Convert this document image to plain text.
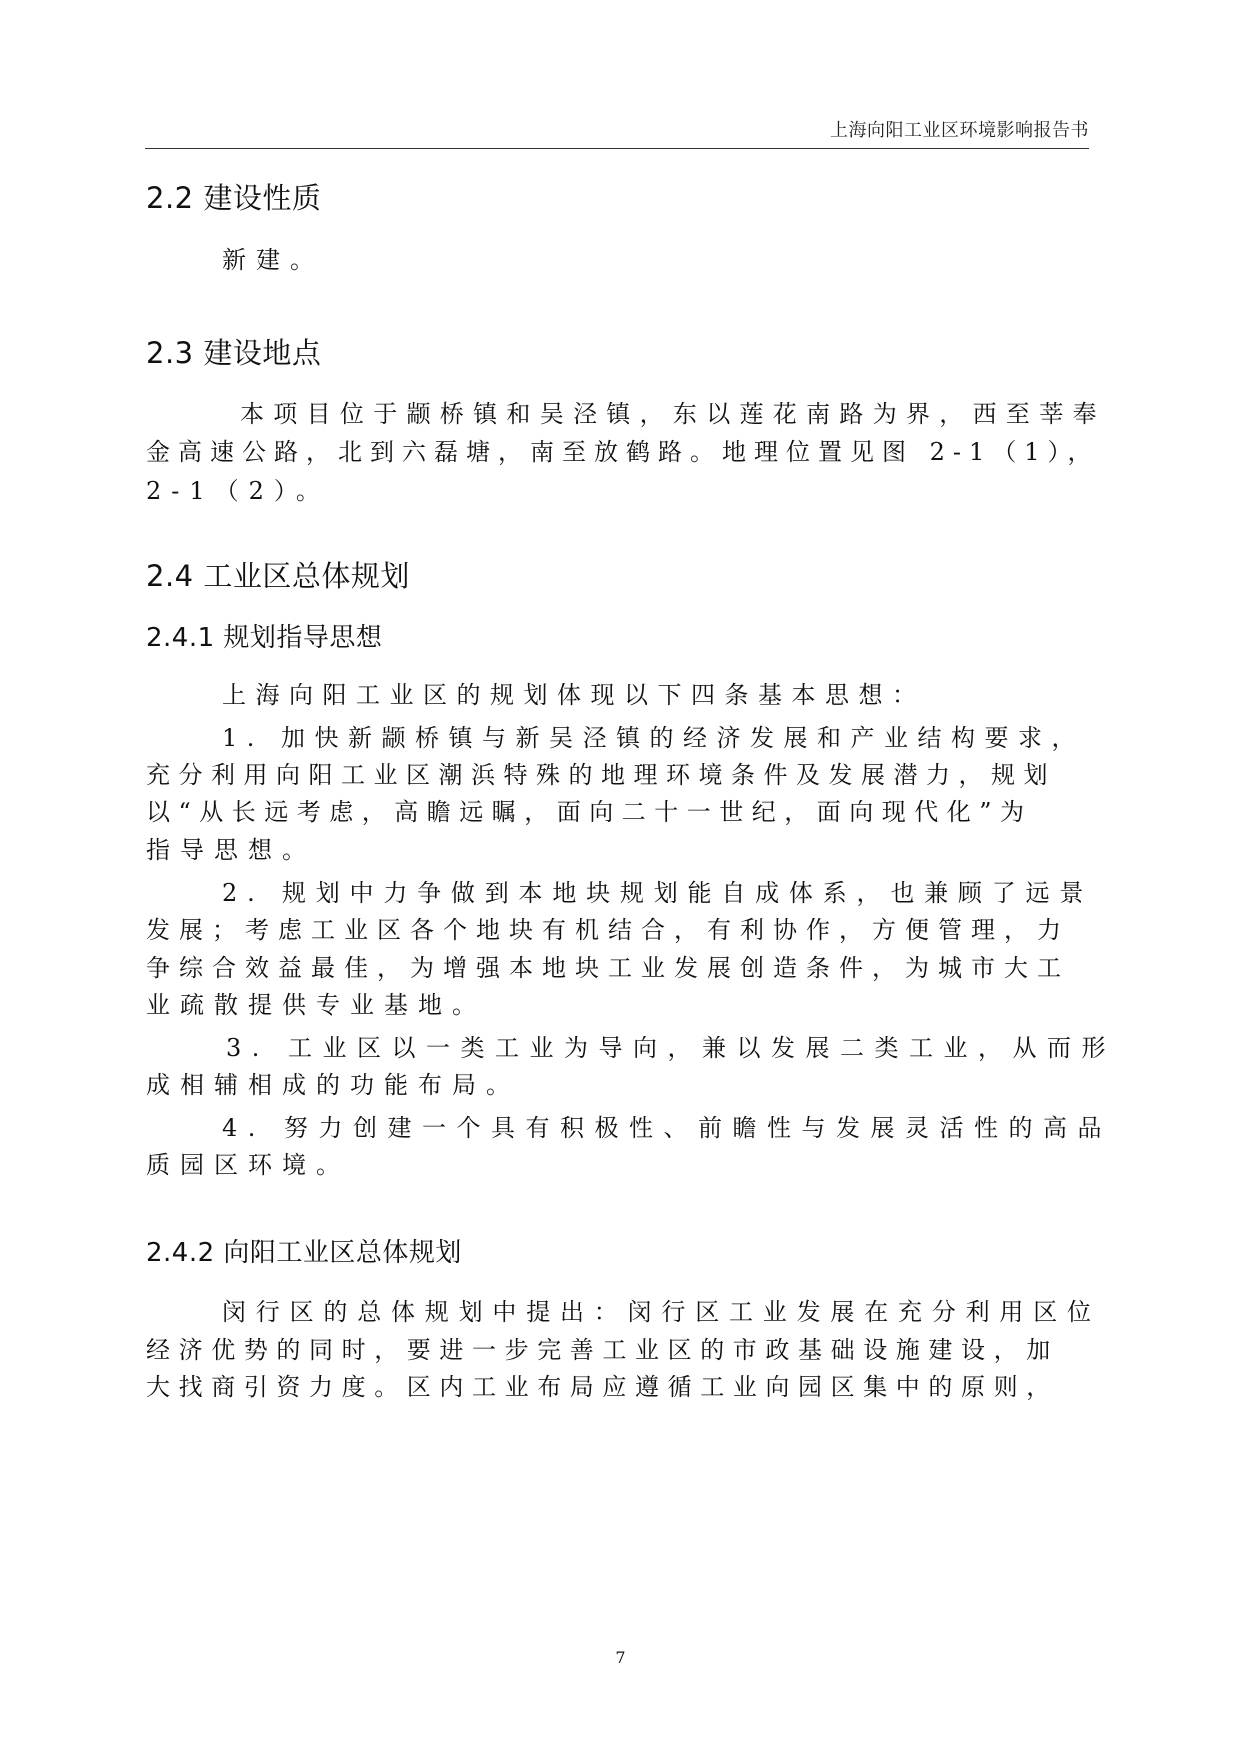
上海向阳工业区环境影响报告书
2.2 建设性质
新建。
2.3 建设地点
本项目位于颛桥镇和吴泾镇，东以莲花南路为界，西至莘奉
金高速公路，北到六磊塘，南至放鹤路。地理位置见图 2-1（1），
2-1（2）。
2.4 工业区总体规划
2.4.1 规划指导思想
上海向阳工业区的规划体现以下四条基本思想：
1. 加快新颛桥镇与新吴泾镇的经济发展和产业结构要求，
充分利用向阳工业区潮浜特殊的地理环境条件及发展潜力，规划
以“从长远考虑，高瞻远瞩，面向二十一世纪，面向现代化”为
指导思想。
2. 规划中力争做到本地块规划能自成体系，也兼顾了远景
发展；考虑工业区各个地块有机结合，有利协作，方便管理，力
争综合效益最佳，为增强本地块工业发展创造条件，为城市大工
业疏散提供专业基地。
3. 工业区以一类工业为导向，兼以发展二类工业，从而形
成相辅相成的功能布局。
4. 努力创建一个具有积极性、前瞻性与发展灵活性的高品
质园区环境。
2.4.2 向阳工业区总体规划
闵行区的总体规划中提出：闵行区工业发展在充分利用区位
经济优势的同时，要进一步完善工业区的市政基础设施建设，加
大找商引资力度。区内工业布局应遵循工业向园区集中的原则，
7
